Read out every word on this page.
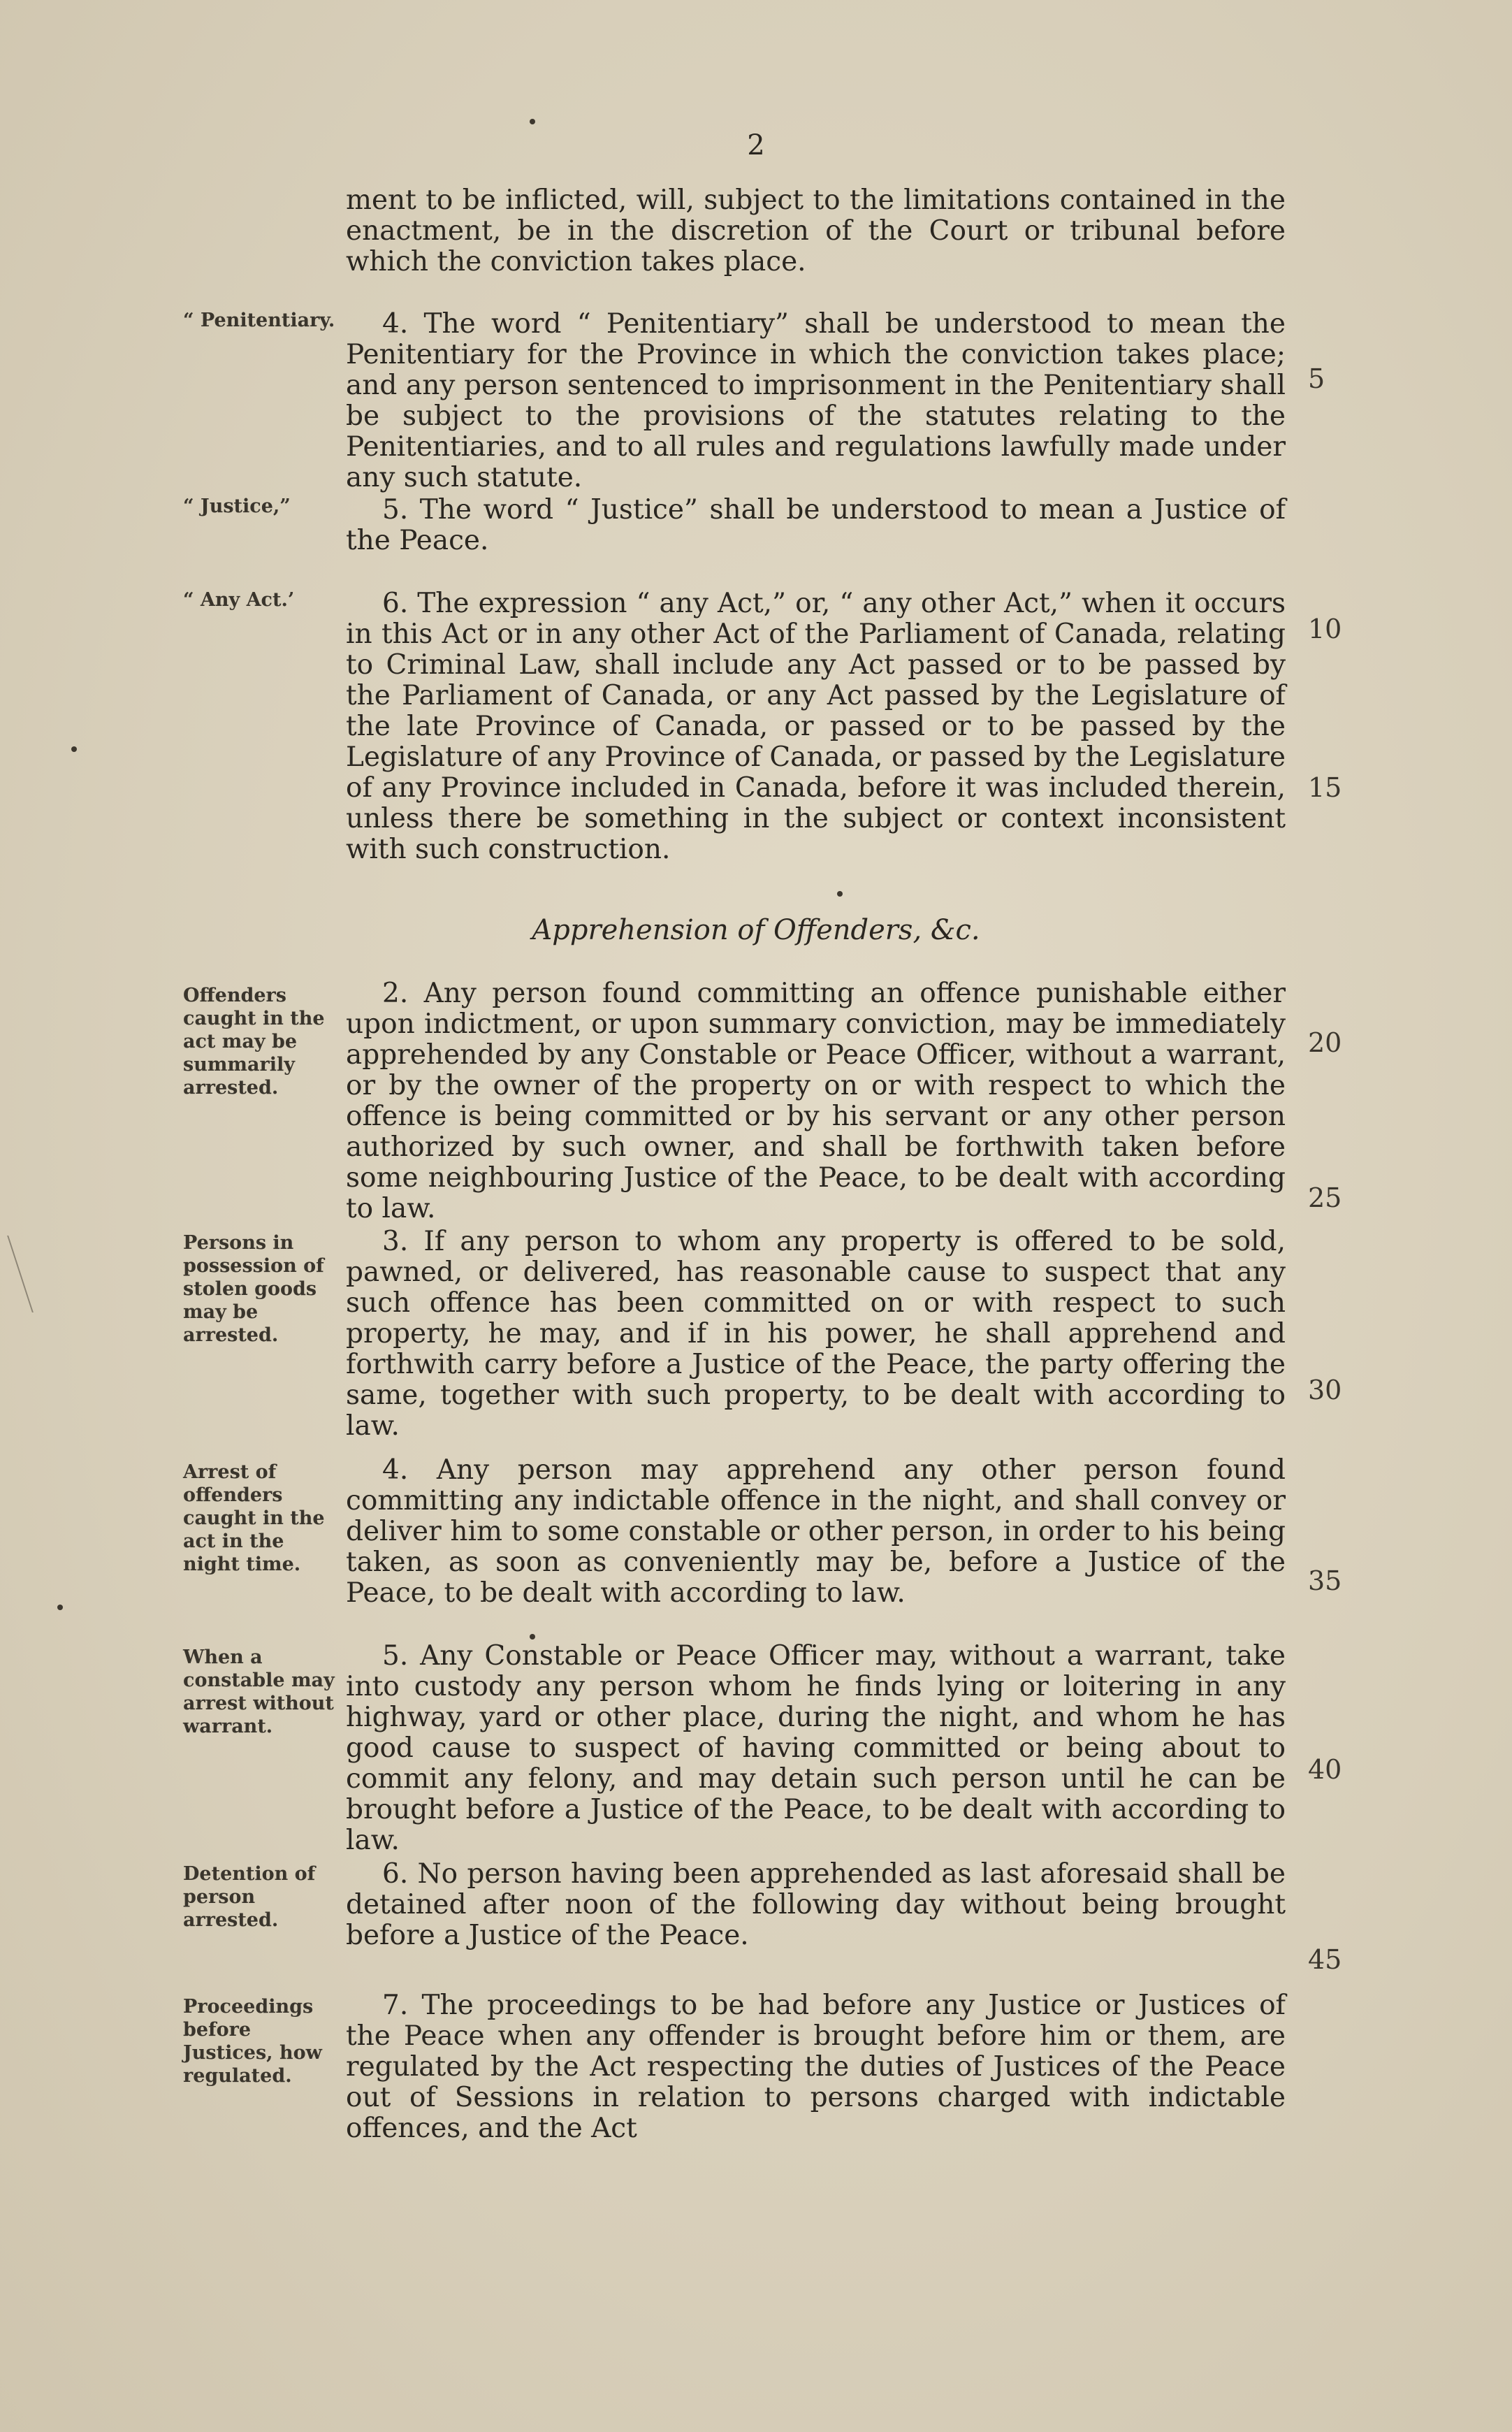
2
ment to be inflicted, will, subject to the limitations contained in the enactment, be in the discretion of the Court or tribunal before which the conviction takes place.
“ Penitentiary.	4. The word “ Penitentiary” shall be understood to mean the Penitentiary for the Province in which the conviction takes place; and any person sentenced to imprisonment in the Penitentiary shall be subject to the provisions of the statutes relating to the Penitentiaries, and to all rules and regulations lawfully made under any such statute.
5
“ Justice,”	5. The word “ Justice” shall be understood to mean a Justice of the Peace.
“ Any Act.’	6. The expression “ any Act,” or, “ any other Act,” when it occurs in this Act or in any other Act of the Parliament of Canada, relating to Criminal Law, shall include any Act passed or to be passed by the Parliament of Canada, or any Act passed by the Legislature of the late Province of Canada, or passed or to be passed by the Legislature of any Province of Canada, or passed by the Legislature of any Province included in Canada, before it was included therein, unless there be something in the subject or context inconsistent with such construction.
10
15
Apprehension of Offenders, &c.
Offenders caught in the act may be summarily arrested.
2. Any person found committing an offence punishable either upon indictment, or upon summary conviction, may be immediately apprehended by any Constable or Peace Officer, without a warrant, or by the owner of the property on or with respect to which the offence is being committed or by his servant or any other person authorized by such owner, and shall be forthwith taken before some neighbouring Justice of the Peace, to be dealt with according to law.
20
25
Persons in possession of stolen goods may be arrested.
3. If any person to whom any property is offered to be sold, pawned, or delivered, has reasonable cause to suspect that any such offence has been committed on or with respect to such property, he may, and if in his power, he shall apprehend and forthwith carry before a Justice of the Peace, the party offering the same, together with such property, to be dealt with according to law.
30
Arrest of offenders caught in the act in the night time.
4. Any person may apprehend any other person found committing any indictable offence in the night, and shall convey or deliver him to some constable or other person, in order to his being taken, as soon as conveniently may be, before a Justice of the Peace, to be dealt with according to law.	35
When a constable may arrest without warrant.
5. Any Constable or Peace Officer may, without a warrant, take into custody any person whom he finds lying or loitering in any highway, yard or other place, during the night, and whom he has good cause to suspect of having committed or being about to commit any felony, and may detain such person until he can be brought before a Justice of the Peace, to be dealt with according to law.
40
Detention of person arrested.
6. No person having been apprehended as last aforesaid shall be detained after noon of the following day without being brought before a Justice of the Peace.
45
Proceedings before Justices, how regulated.
7. The proceedings to be had before any Justice or Justices of the Peace when any offender is brought before him or them, are regulated by the Act respecting the duties of Justices of the Peace out of Sessions in relation to persons charged with indictable offences, and the Act
